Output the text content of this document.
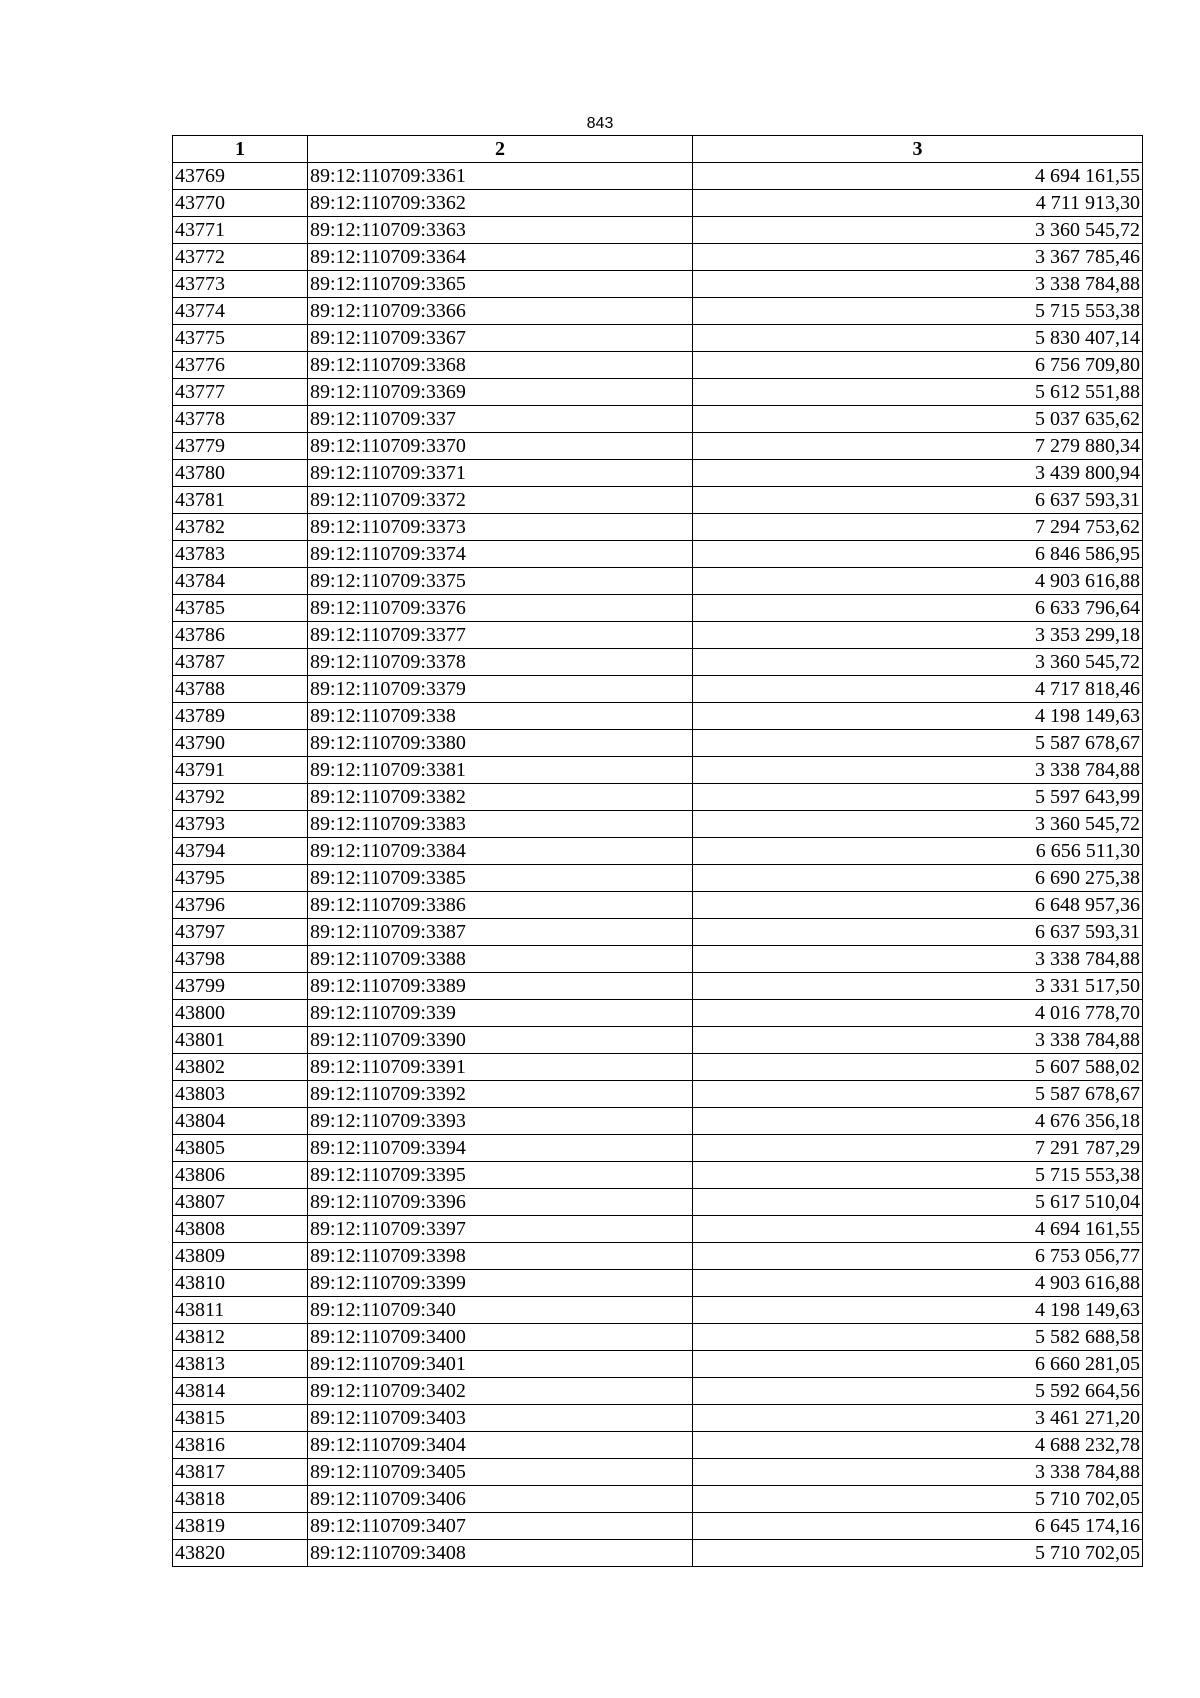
843
1	2	3
43769	89:12:110709:3361	4 694 161,55
43770	89:12:110709:3362	4 711 913,30
43771	89:12:110709:3363	3 360 545,72
43772	89:12:110709:3364	3 367 785,46
43773	89:12:110709:3365	3 338 784,88
43774	89:12:110709:3366	5 715 553,38
43775	89:12:110709:3367	5 830 407,14
43776	89:12:110709:3368	6 756 709,80
43777	89:12:110709:3369	5 612 551,88
43778	89:12:110709:337	5 037 635,62
43779	89:12:110709:3370	7 279 880,34
43780	89:12:110709:3371	3 439 800,94
43781	89:12:110709:3372	6 637 593,31
43782	89:12:110709:3373	7 294 753,62
43783	89:12:110709:3374	6 846 586,95
43784	89:12:110709:3375	4 903 616,88
43785	89:12:110709:3376	6 633 796,64
43786	89:12:110709:3377	3 353 299,18
43787	89:12:110709:3378	3 360 545,72
43788	89:12:110709:3379	4 717 818,46
43789	89:12:110709:338	4 198 149,63
43790	89:12:110709:3380	5 587 678,67
43791	89:12:110709:3381	3 338 784,88
43792	89:12:110709:3382	5 597 643,99
43793	89:12:110709:3383	3 360 545,72
43794	89:12:110709:3384	6 656 511,30
43795	89:12:110709:3385	6 690 275,38
43796	89:12:110709:3386	6 648 957,36
43797	89:12:110709:3387	6 637 593,31
43798	89:12:110709:3388	3 338 784,88
43799	89:12:110709:3389	3 331 517,50
43800	89:12:110709:339	4 016 778,70
43801	89:12:110709:3390	3 338 784,88
43802	89:12:110709:3391	5 607 588,02
43803	89:12:110709:3392	5 587 678,67
43804	89:12:110709:3393	4 676 356,18
43805	89:12:110709:3394	7 291 787,29
43806	89:12:110709:3395	5 715 553,38
43807	89:12:110709:3396	5 617 510,04
43808	89:12:110709:3397	4 694 161,55
43809	89:12:110709:3398	6 753 056,77
43810	89:12:110709:3399	4 903 616,88
43811	89:12:110709:340	4 198 149,63
43812	89:12:110709:3400	5 582 688,58
43813	89:12:110709:3401	6 660 281,05
43814	89:12:110709:3402	5 592 664,56
43815	89:12:110709:3403	3 461 271,20
43816	89:12:110709:3404	4 688 232,78
43817	89:12:110709:3405	3 338 784,88
43818	89:12:110709:3406	5 710 702,05
43819	89:12:110709:3407	6 645 174,16
43820	89:12:110709:3408	5 710 702,05
